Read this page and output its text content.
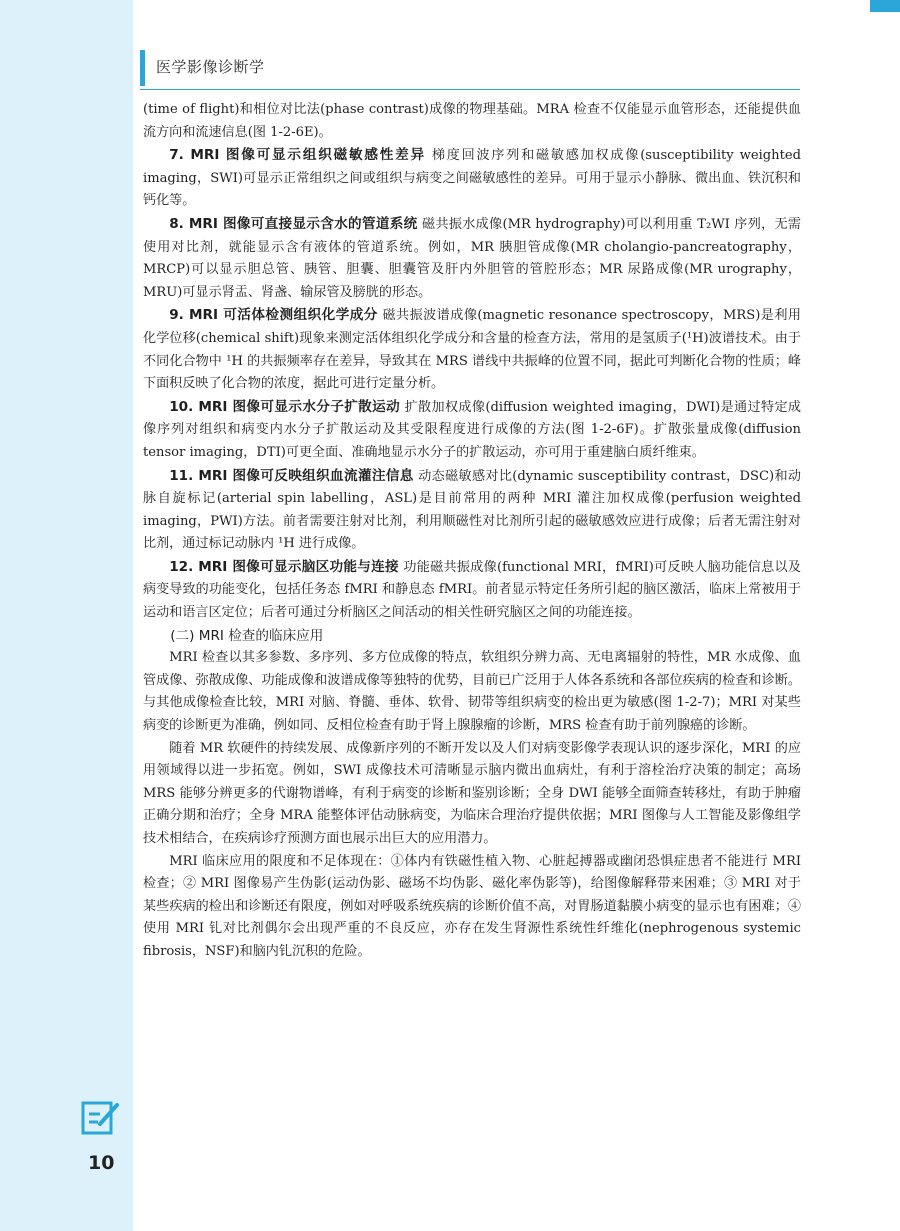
医学影像诊断学

(time of flight)和相位对比法(phase contrast)成像的物理基础。MRA 检查不仅能显示血管形态，还能提供血流方向和流速信息(图 1-2-6E)。

7. MRI 图像可显示组织磁敏感性差异 梯度回波序列和磁敏感加权成像(susceptibility weighted imaging，SWI)可显示正常组织之间或组织与病变之间磁敏感性的差异。可用于显示小静脉、微出血、铁沉积和钙化等。

8. MRI 图像可直接显示含水的管道系统 磁共振水成像(MR hydrography)可以利用重 T₂WI 序列，无需使用对比剂，就能显示含有液体的管道系统。例如，MR 胰胆管成像(MR cholangio-pancreatography，MRCP)可以显示胆总管、胰管、胆囊、胆囊管及肝内外胆管的管腔形态；MR 尿路成像(MR urography，MRU)可显示肾盂、肾盏、输尿管及膀胱的形态。

9. MRI 可活体检测组织化学成分 磁共振波谱成像(magnetic resonance spectroscopy，MRS)是利用化学位移(chemical shift)现象来测定活体组织化学成分和含量的检查方法，常用的是氢质子(¹H)波谱技术。由于不同化合物中 ¹H 的共振频率存在差异，导致其在 MRS 谱线中共振峰的位置不同，据此可判断化合物的性质；峰下面积反映了化合物的浓度，据此可进行定量分析。

10. MRI 图像可显示水分子扩散运动 扩散加权成像(diffusion weighted imaging，DWI)是通过特定成像序列对组织和病变内水分子扩散运动及其受限程度进行成像的方法(图 1-2-6F)。扩散张量成像(diffusion tensor imaging，DTI)可更全面、准确地显示水分子的扩散运动，亦可用于重建脑白质纤维束。

11. MRI 图像可反映组织血流灌注信息 动态磁敏感对比(dynamic susceptibility contrast，DSC)和动脉自旋标记(arterial spin labelling，ASL)是目前常用的两种 MRI 灌注加权成像(perfusion weighted imaging，PWI)方法。前者需要注射对比剂，利用顺磁性对比剂所引起的磁敏感效应进行成像；后者无需注射对比剂，通过标记动脉内 ¹H 进行成像。

12. MRI 图像可显示脑区功能与连接 功能磁共振成像(functional MRI，fMRI)可反映人脑功能信息以及病变导致的功能变化，包括任务态 fMRI 和静息态 fMRI。前者显示特定任务所引起的脑区激活，临床上常被用于运动和语言区定位；后者可通过分析脑区之间活动的相关性研究脑区之间的功能连接。

(二) MRI 检查的临床应用

MRI 检查以其多参数、多序列、多方位成像的特点，软组织分辨力高、无电离辐射的特性，MR 水成像、血管成像、弥散成像、功能成像和波谱成像等独特的优势，目前已广泛用于人体各系统和各部位疾病的检查和诊断。与其他成像检查比较，MRI 对脑、脊髓、垂体、软骨、韧带等组织病变的检出更为敏感(图 1-2-7)；MRI 对某些病变的诊断更为准确，例如同、反相位检查有助于肾上腺腺瘤的诊断，MRS 检查有助于前列腺癌的诊断。

随着 MR 软硬件的持续发展、成像新序列的不断开发以及人们对病变影像学表现认识的逐步深化，MRI 的应用领域得以进一步拓宽。例如，SWI 成像技术可清晰显示脑内微出血病灶，有利于溶栓治疗决策的制定；高场 MRS 能够分辨更多的代谢物谱峰，有利于病变的诊断和鉴别诊断；全身 DWI 能够全面筛查转移灶，有助于肿瘤正确分期和治疗；全身 MRA 能整体评估动脉病变，为临床合理治疗提供依据；MRI 图像与人工智能及影像组学技术相结合，在疾病诊疗预测方面也展示出巨大的应用潜力。

MRI 临床应用的限度和不足体现在：①体内有铁磁性植入物、心脏起搏器或幽闭恐惧症患者不能进行 MRI 检查；② MRI 图像易产生伪影(运动伪影、磁场不均伪影、磁化率伪影等)，给图像解释带来困难；③ MRI 对于某些疾病的检出和诊断还有限度，例如对呼吸系统疾病的诊断价值不高，对胃肠道黏膜小病变的显示也有困难；④使用 MRI 钆对比剂偶尔会出现严重的不良反应，亦存在发生肾源性系统性纤维化(nephrogenous systemic fibrosis，NSF)和脑内钆沉积的危险。

10
